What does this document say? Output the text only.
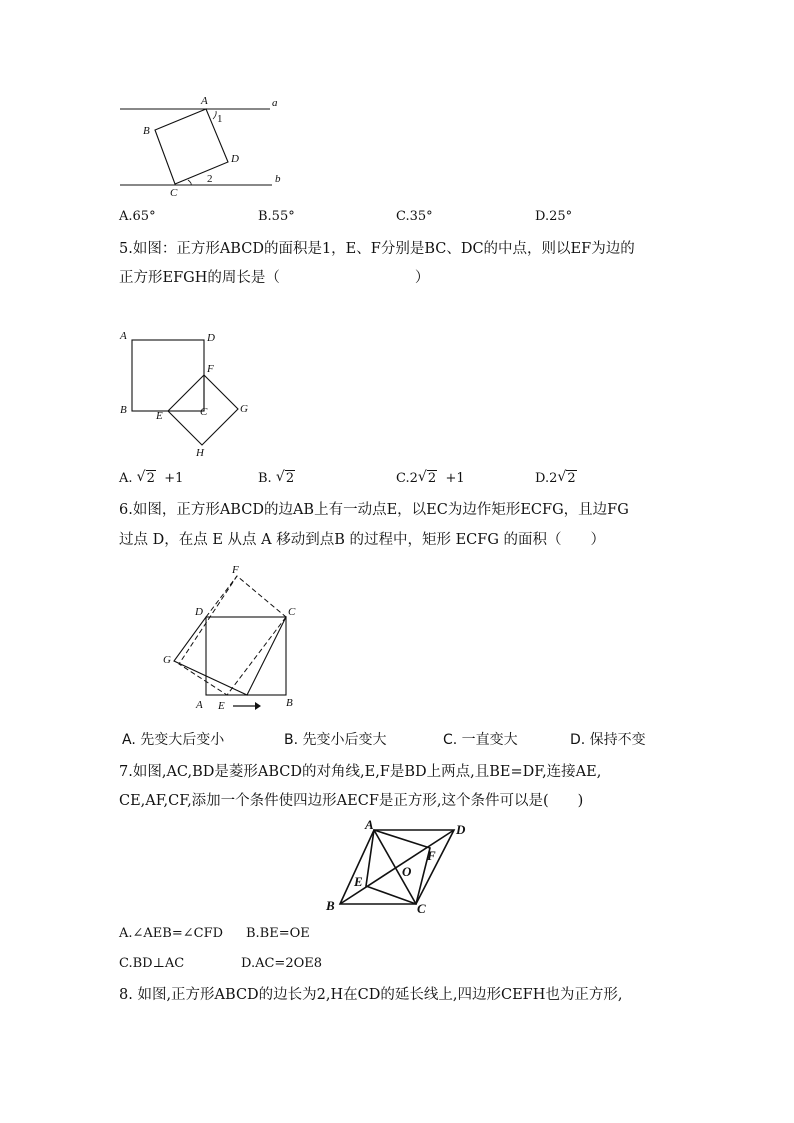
A
B
C
D
a
b
1
2
A.65°	B.55°	C.35°	D.25°
5.如图：正方形ABCD的面积是1，E、F分别是BC、DC的中点，则以EF为边的
正方形EFGH的周长是（	）
A	D
B	C
E
F
G
H
A. √ 2 +1	B. √ 2	C.2 √ 2 +1	D.2 √ 2
6.如图，正方形ABCD的边AB上有一动点E，以EC为边作矩形ECFG，且边FG
过点 D，在点 E 从点 A 移动到点B 的过程中，矩形 ECFG 的面积（　　）
F
D	C
G
A	B
E
A. 先变大后变小	B. 先变小后变大	C. 一直变大	D. 保持不变
7.如图,AC,BD是菱形ABCD的对角线,E,F是BD上两点,且BE=DF,连接AE,
CE,AF,CF,添加一个条件使四边形AECF是正方形,这个条件可以是(　　)
A	D
B	C
E
F
O
A.∠AEB=∠CFD B.BE=OE
C.BD⊥AC	D.AC=2OE8
8. 如图,正方形ABCD的边长为2,H在CD的延长线上,四边形CEFH也为正方形,
